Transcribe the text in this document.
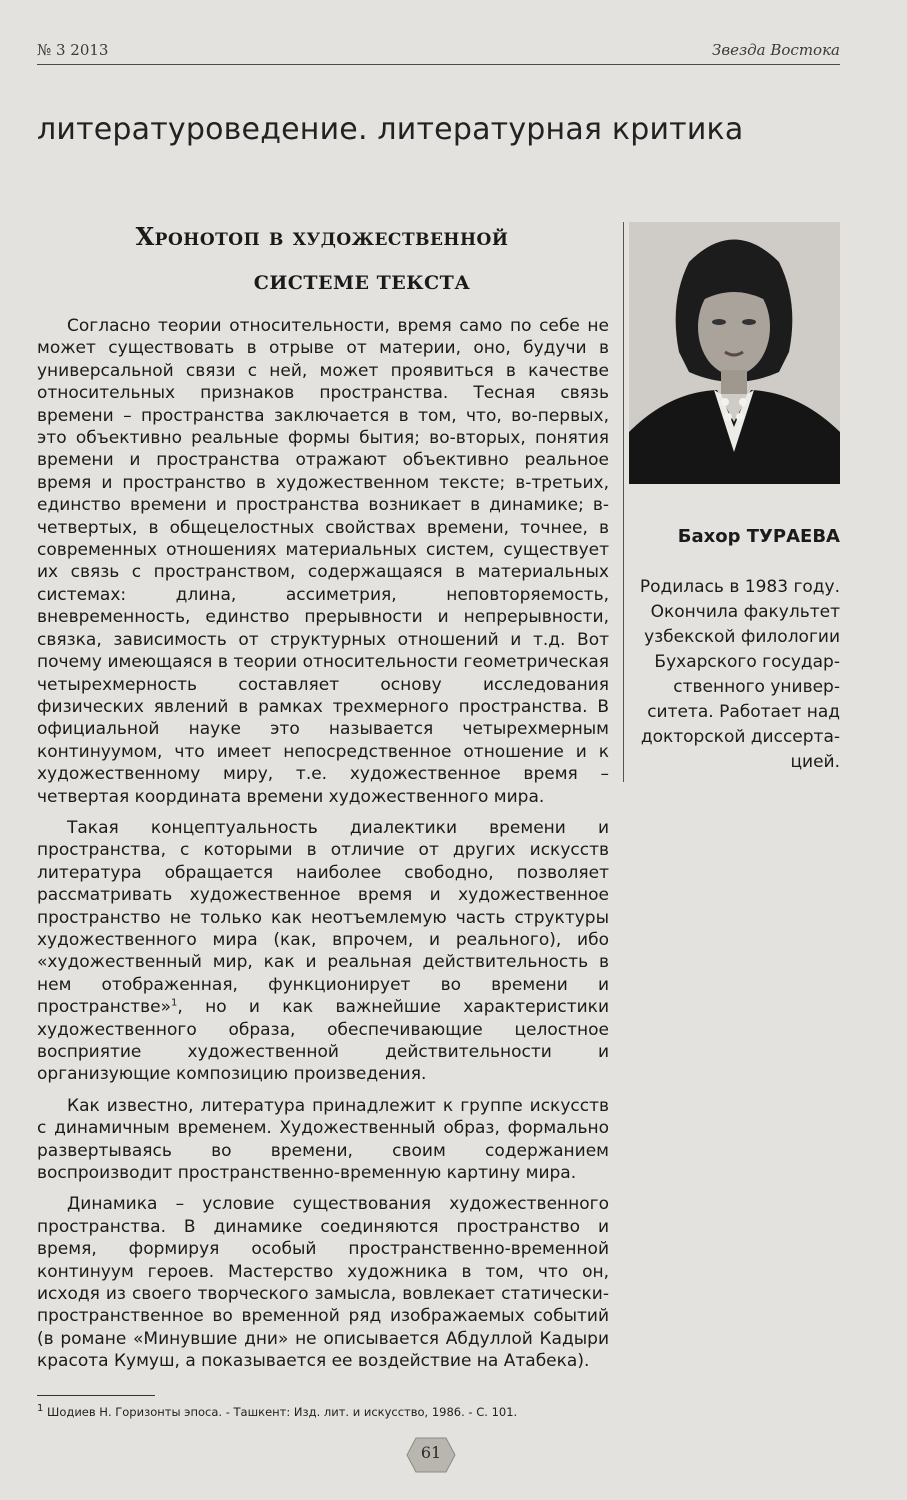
№ 3 2013	Звезда Востока
литературоведение. литературная критика
Хронотоп в художественной
СИСТЕМЕ ТЕКСТА

Согласно теории относительности, время само по себе не может существовать в отрыве от материи, оно, будучи в универсальной связи с ней, может проявиться в качестве относительных признаков пространства. Тесная связь времени – пространства заключается в том, что, во-первых, это объективно реальные формы бытия; во-вторых, понятия времени и пространства отражают объективно реальное время и пространство в художественном тексте; в-третьих, единство времени и пространства возникает в динамике; в-четвертых, в общецелостных свойствах времени, точнее, в современных отношениях материальных систем, существует их связь с пространством, содержащаяся в материальных системах: длина, ассиметрия, неповторяемость, вневременность, единство прерывности и непрерывности, связка, зависимость от структурных отношений и т.д. Вот почему имеющаяся в теории относительности геометрическая четырехмерность составляет основу исследования физических явлений в рамках трехмерного пространства. В официальной науке это называется четырехмерным континуумом, что имеет непосредственное отношение и к художественному миру, т.е. художественное время – четвертая координата времени художественного мира.

Такая концептуальность диалектики времени и пространства, с которыми в отличие от других искусств литература обращается наиболее свободно, позволяет рассматривать художественное время и художественное пространство не только как неотъемлемую часть структуры художественного мира (как, впрочем, и реального), ибо «художественный мир, как и реальная действительность в нем отображенная, функционирует во времени и пространстве»$^1$, но и как важнейшие характеристики художественного образа, обеспечивающие целостное восприятие художественной действительности и организующие композицию произведения.

Как известно, литература принадлежит к группе искусств с динамичным временем. Художественный образ, формально развертываясь во времени, своим содержанием воспроизводит пространственно-временную картину мира.

Динамика – условие существования художественного пространства. В динамике соединяются пространство и время, формируя особый пространственно-временной континуум героев. Мастерство художника в том, что он, исходя из своего творческого замысла, вовлекает статически-пространственное во временной ряд изображаемых событий (в романе «Минувшие дни» не описывается Абдуллой Кадыри красота Кумуш, а показывается ее воздействие на Атабека).

Бахор ТУРАЕВА
Родилась в 1983 году.
Окончила факультет
узбекской филологии
Бухарского государ-
ственного универ-
ситета. Работает над
докторской диссерта-
цией.
$^1$ Шодиев Н. Горизонты эпоса. - Ташкент: Изд. лит. и искусство, 1986. - С. 101.
61
